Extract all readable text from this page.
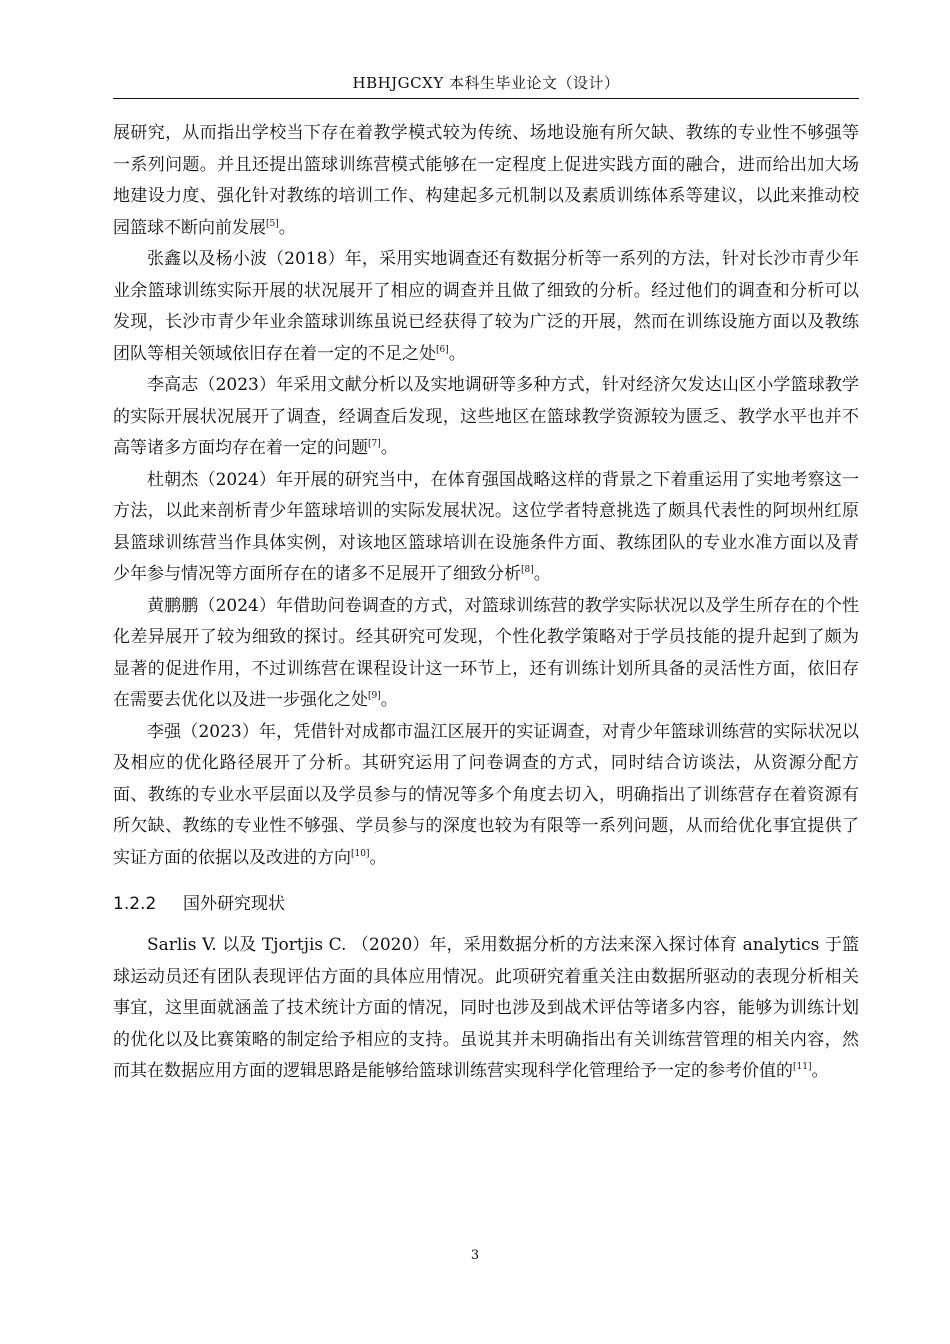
HBHJGCXY 本科生毕业论文（设计）

展研究，从而指出学校当下存在着教学模式较为传统、场地设施有所欠缺、教练的专业性不够强等一系列问题。并且还提出篮球训练营模式能够在一定程度上促进实践方面的融合，进而给出加大场地建设力度、强化针对教练的培训工作、构建起多元机制以及素质训练体系等建议，以此来推动校园篮球不断向前发展[5]。

张鑫以及杨小波（2018）年，采用实地调查还有数据分析等一系列的方法，针对长沙市青少年业余篮球训练实际开展的状况展开了相应的调查并且做了细致的分析。经过他们的调查和分析可以发现，长沙市青少年业余篮球训练虽说已经获得了较为广泛的开展，然而在训练设施方面以及教练团队等相关领域依旧存在着一定的不足之处[6]。

李高志（2023）年采用文献分析以及实地调研等多种方式，针对经济欠发达山区小学篮球教学的实际开展状况展开了调查，经调查后发现，这些地区在篮球教学资源较为匮乏、教学水平也并不高等诸多方面均存在着一定的问题[7]。

杜朝杰（2024）年开展的研究当中，在体育强国战略这样的背景之下着重运用了实地考察这一方法，以此来剖析青少年篮球培训的实际发展状况。这位学者特意挑选了颇具代表性的阿坝州红原县篮球训练营当作具体实例，对该地区篮球培训在设施条件方面、教练团队的专业水准方面以及青少年参与情况等方面所存在的诸多不足展开了细致分析[8]。

黄鹏鹏（2024）年借助问卷调查的方式，对篮球训练营的教学实际状况以及学生所存在的个性化差异展开了较为细致的探讨。经其研究可发现，个性化教学策略对于学员技能的提升起到了颇为显著的促进作用，不过训练营在课程设计这一环节上，还有训练计划所具备的灵活性方面，依旧存在需要去优化以及进一步强化之处[9]。

李强（2023）年，凭借针对成都市温江区展开的实证调查，对青少年篮球训练营的实际状况以及相应的优化路径展开了分析。其研究运用了问卷调查的方式，同时结合访谈法，从资源分配方面、教练的专业水平层面以及学员参与的情况等多个角度去切入，明确指出了训练营存在着资源有所欠缺、教练的专业性不够强、学员参与的深度也较为有限等一系列问题，从而给优化事宜提供了实证方面的依据以及改进的方向[10]。

1.2.2 国外研究现状

Sarlis V. 以及 Tjortjis C. （2020）年，采用数据分析的方法来深入探讨体育 analytics 于篮球运动员还有团队表现评估方面的具体应用情况。此项研究着重关注由数据所驱动的表现分析相关事宜，这里面就涵盖了技术统计方面的情况，同时也涉及到战术评估等诸多内容，能够为训练计划的优化以及比赛策略的制定给予相应的支持。虽说其并未明确指出有关训练营管理的相关内容，然而其在数据应用方面的逻辑思路是能够给篮球训练营实现科学化管理给予一定的参考价值的[11]。

3
